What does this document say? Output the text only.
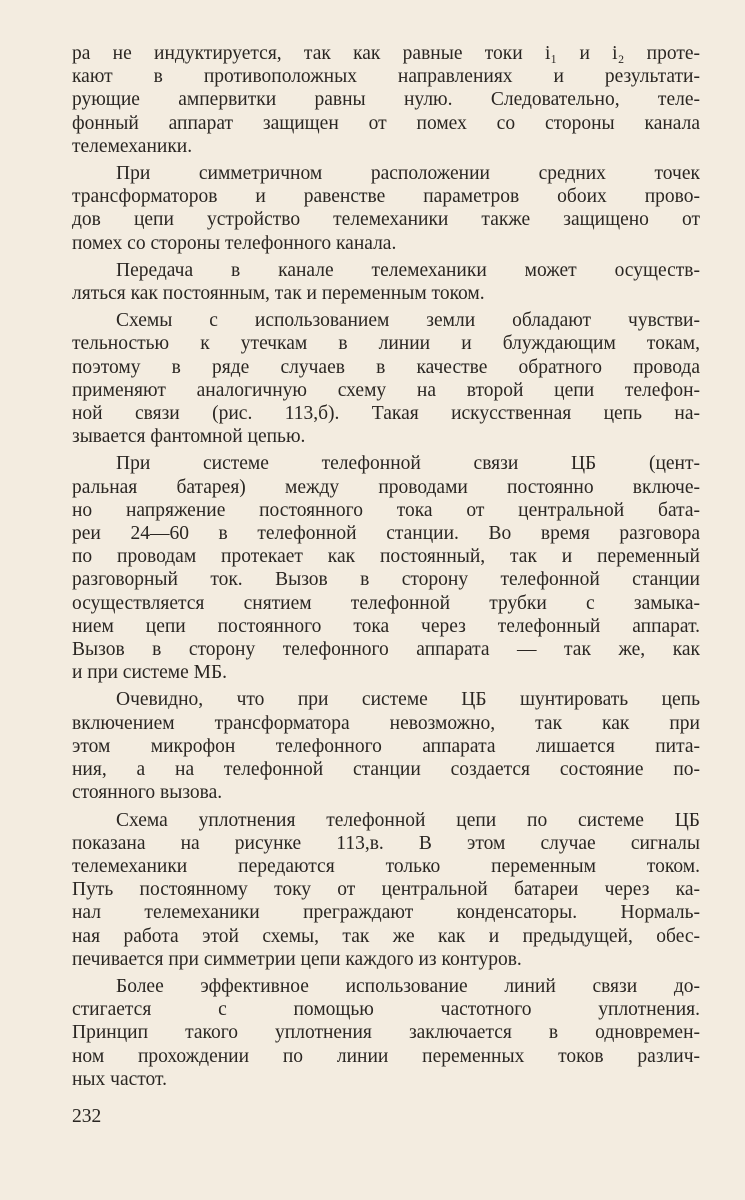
ра не индуктируется, так как равные токи i₁ и i₂ проте-
кают в противоположных направлениях и результати-
рующие ампервитки равны нулю. Следовательно, теле-
фонный аппарат защищен от помех со стороны канала
телемеханики.
При симметричном расположении средних точек
трансформаторов и равенстве параметров обоих прово-
дов цепи устройство телемеханики также защищено от
помех со стороны телефонного канала.
Передача в канале телемеханики может осуществ-
ляться как постоянным, так и переменным током.
Схемы с использованием земли обладают чувстви-
тельностью к утечкам в линии и блуждающим токам,
поэтому в ряде случаев в качестве обратного провода
применяют аналогичную схему на второй цепи телефон-
ной связи (рис. 113,б). Такая искусственная цепь на-
зывается фантомной цепью.
При системе телефонной связи ЦБ (цент-
ральная батарея) между проводами постоянно включе-
но напряжение постоянного тока от центральной бата-
реи 24—60 в телефонной станции. Во время разговора
по проводам протекает как постоянный, так и переменный
разговорный ток. Вызов в сторону телефонной станции
осуществляется снятием телефонной трубки с замыка-
нием цепи постоянного тока через телефонный аппарат.
Вызов в сторону телефонного аппарата — так же, как
и при системе МБ.
Очевидно, что при системе ЦБ шунтировать цепь
включением трансформатора невозможно, так как при
этом микрофон телефонного аппарата лишается пита-
ния, а на телефонной станции создается состояние по-
стоянного вызова.
Схема уплотнения телефонной цепи по системе ЦБ
показана на рисунке 113,в. В этом случае сигналы
телемеханики передаются только переменным током.
Путь постоянному току от центральной батареи через ка-
нал телемеханики преграждают конденсаторы. Нормаль-
ная работа этой схемы, так же как и предыдущей, обес-
печивается при симметрии цепи каждого из контуров.
Более эффективное использование линий связи до-
стигается с помощью частотного уплотнения.
Принцип такого уплотнения заключается в одновремен-
ном прохождении по линии переменных токов различ-
ных частот.
232
